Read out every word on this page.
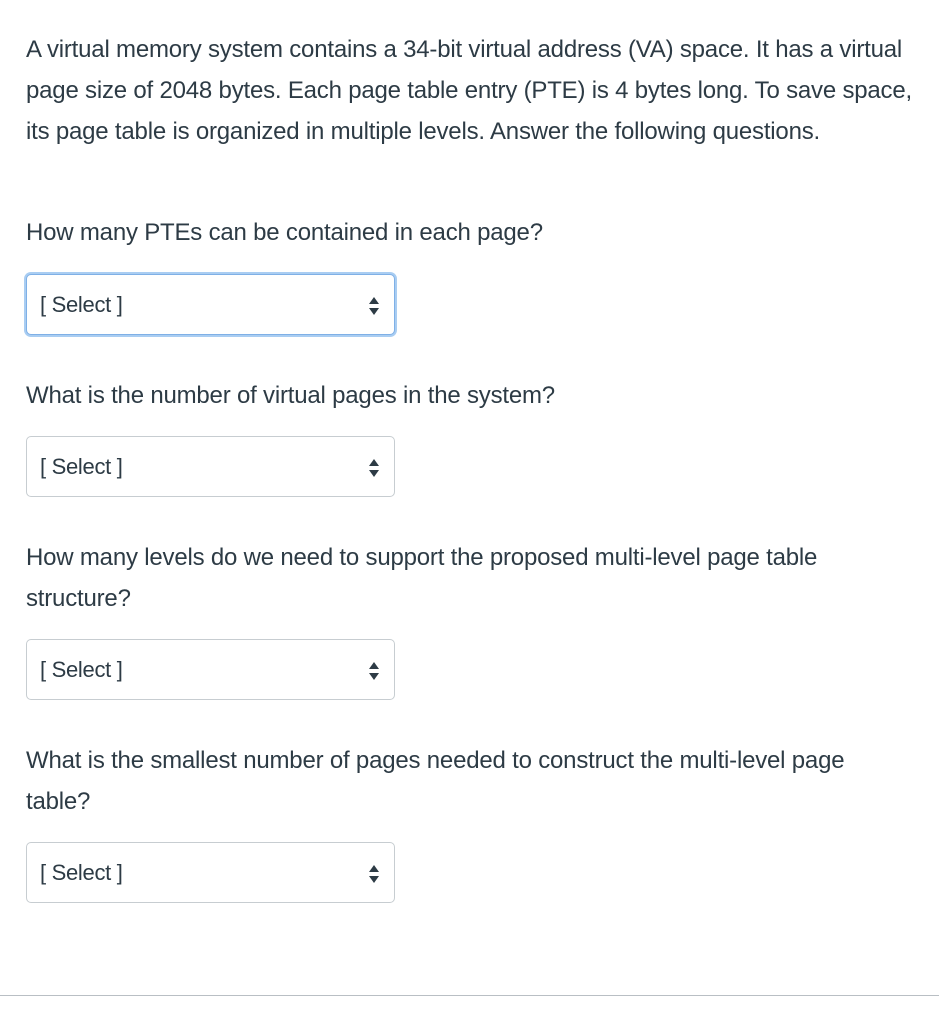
A virtual memory system contains a 34-bit virtual address (VA) space. It has a virtual page size of 2048 bytes. Each page table entry (PTE) is 4 bytes long. To save space, its page table is organized in multiple levels. Answer the following questions.

How many PTEs can be contained in each page?

[ Select ]

What is the number of virtual pages in the system?

[ Select ]

How many levels do we need to support the proposed multi-level page table structure?

[ Select ]

What is the smallest number of pages needed to construct the multi-level page table?

[ Select ]
